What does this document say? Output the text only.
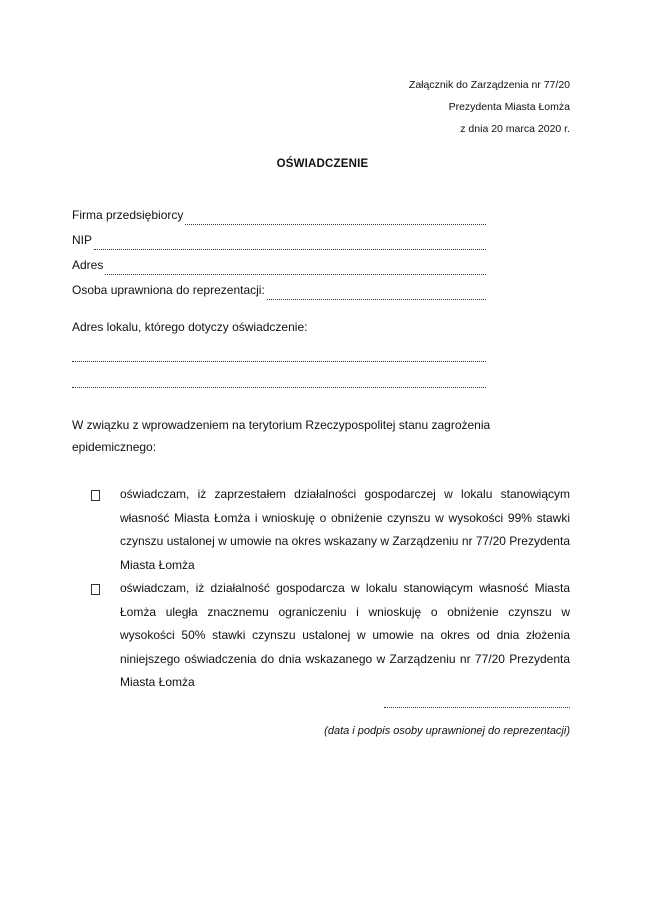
Załącznik do Zarządzenia nr 77/20
Prezydenta Miasta Łomża
z dnia 20 marca 2020 r.
OŚWIADCZENIE
Firma przedsiębiorcy
NIP
Adres
Osoba uprawniona do reprezentacji:
Adres lokalu, którego dotyczy oświadczenie:
W związku z wprowadzeniem na terytorium Rzeczypospolitej stanu zagrożenia epidemicznego:
oświadczam, iż zaprzestałem działalności gospodarczej w lokalu stanowiącym własność Miasta Łomża i wnioskuję o obniżenie czynszu w wysokości 99% stawki czynszu ustalonej w umowie na okres wskazany w Zarządzeniu nr 77/20 Prezydenta Miasta Łomża
oświadczam, iż działalność gospodarcza w lokalu stanowiącym własność Miasta Łomża uległa znacznemu ograniczeniu i wnioskuję o obniżenie czynszu w wysokości 50% stawki czynszu ustalonej w umowie na okres od dnia złożenia niniejszego oświadczenia do dnia wskazanego w Zarządzeniu nr 77/20 Prezydenta Miasta Łomża
(data i podpis osoby uprawnionej do reprezentacji)
